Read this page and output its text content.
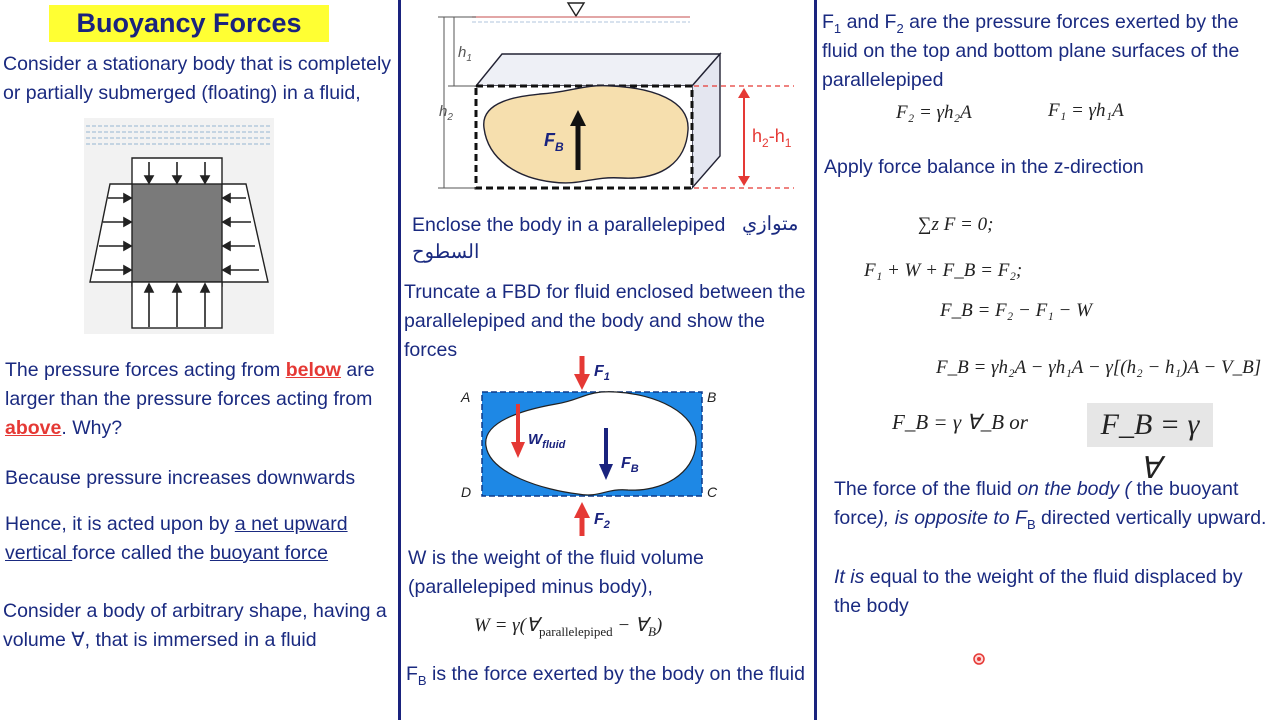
Buoyancy Forces
Consider a stationary body that is completely
or partially submerged (floating) in a fluid,
The pressure forces acting from below are
larger than the pressure forces acting from
above. Why?
Because pressure increases downwards
Hence, it is acted upon by a net upward
vertical force called the buoyant force
Consider a body of arbitrary shape, having a
volume ∀, that is immersed in a fluid
$F_B$
$h_1$
$h_2$
$h_2-h_1$
Enclose the body in a parallelepiped متوازي
السطوح
Truncate a FBD for fluid enclosed between the
parallelepiped and the body and show the
forces
A	B
D	C
$F_1$
$F_2$
$W_{fluid}$
$F_B$
W is the weight of the fluid volume
(parallelepiped minus body),
$W = \gamma(\forall_{parallelepiped}$ − $\forall_B$)
$F_B$ is the force exerted by the body on the fluid
$F_1$ and $F_2$ are the pressure forces exerted by the
fluid on the top and bottom plane surfaces of the
parallelepiped
F₂ = γh₂A	F₁ = γh₁A
Apply force balance in the z-direction
∑z F = 0;
F₁ + W + F_B = F₂;
F_B = F₂ − F₁ − W
F_B = γh₂A − γh₁A − γ[(h₂ − h₁)A − V_B]
F_B = γ ∀_B or	F_B = γ ∀
The force of the fluid on the body ( the buoyant
force), is opposite to $F_B$ directed vertically upward.
It is equal to the weight of the fluid displaced by
the body
